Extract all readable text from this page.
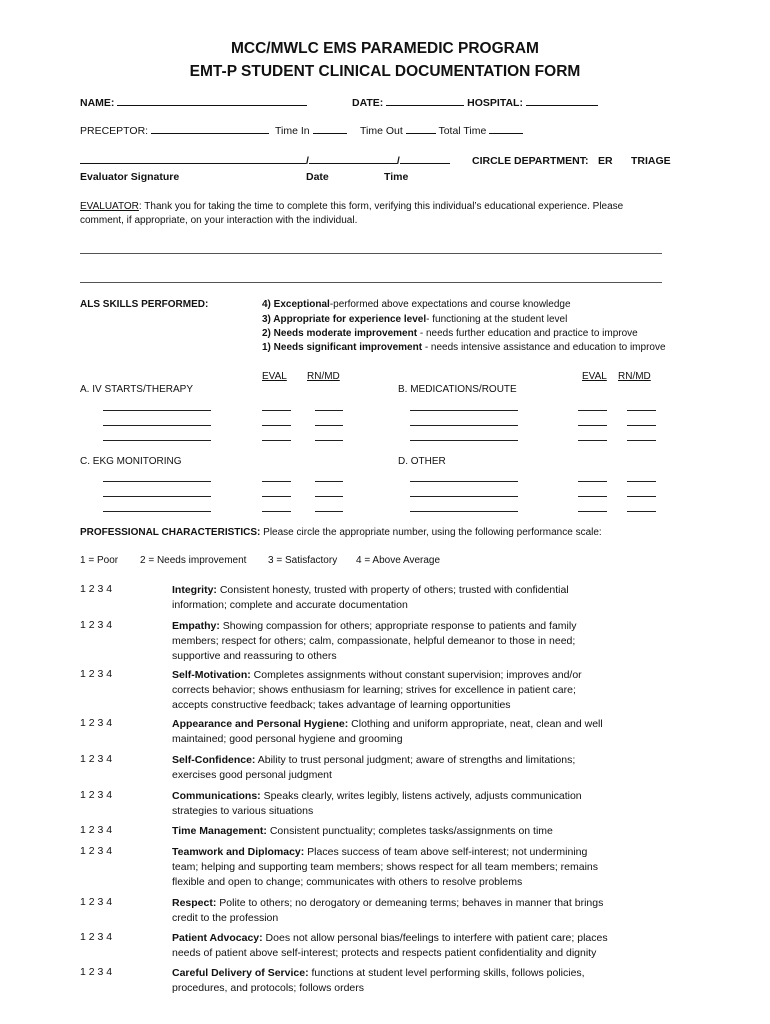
MCC/MWLC EMS PARAMEDIC PROGRAM
EMT-P STUDENT CLINICAL DOCUMENTATION FORM
NAME:	DATE:	HOSPITAL:
PRECEPTOR:	Time In	Time Out	Total Time
/	/	CIRCLE DEPARTMENT: ER TRIAGE
Evaluator Signature	Date	Time
EVALUATOR: Thank you for taking the time to complete this form, verifying this individual’s educational experience. Please
comment, if appropriate, on your interaction with the individual.
ALS SKILLS PERFORMED:	4) Exceptional-performed above expectations and course knowledge
3) Appropriate for experience level- functioning at the student level
2) Needs moderate improvement - needs further education and practice to improve
1) Needs significant improvement - needs intensive assistance and education to improve
EVAL RN/MD	EVAL RN/MD
A. IV STARTS/THERAPY	B. MEDICATIONS/ROUTE
C. EKG MONITORING	D. OTHER
PROFESSIONAL CHARACTERISTICS: Please circle the appropriate number, using the following performance scale:
1 = Poor 2 = Needs improvement 3 = Satisfactory 4 = Above Average
1 2 3 4	Integrity: Consistent honesty, trusted with property of others; trusted with confidential information; complete and accurate documentation
1 2 3 4	Empathy: Showing compassion for others; appropriate response to patients and family members; respect for others; calm, compassionate, helpful demeanor to those in need; supportive and reassuring to others
1 2 3 4	Self-Motivation: Completes assignments without constant supervision; improves and/or corrects behavior; shows enthusiasm for learning; strives for excellence in patient care; accepts constructive feedback; takes advantage of learning opportunities
1 2 3 4	Appearance and Personal Hygiene: Clothing and uniform appropriate, neat, clean and well maintained; good personal hygiene and grooming
1 2 3 4	Self-Confidence: Ability to trust personal judgment; aware of strengths and limitations; exercises good personal judgment
1 2 3 4	Communications: Speaks clearly, writes legibly, listens actively, adjusts communication strategies to various situations
1 2 3 4	Time Management: Consistent punctuality; completes tasks/assignments on time
1 2 3 4	Teamwork and Diplomacy: Places success of team above self-interest; not undermining team; helping and supporting team members; shows respect for all team members; remains flexible and open to change; communicates with others to resolve problems
1 2 3 4	Respect: Polite to others; no derogatory or demeaning terms; behaves in manner that brings credit to the profession
1 2 3 4	Patient Advocacy: Does not allow personal bias/feelings to interfere with patient care; places needs of patient above self-interest; protects and respects patient confidentiality and dignity
1 2 3 4	Careful Delivery of Service: functions at student level performing skills, follows policies, procedures, and protocols; follows orders
